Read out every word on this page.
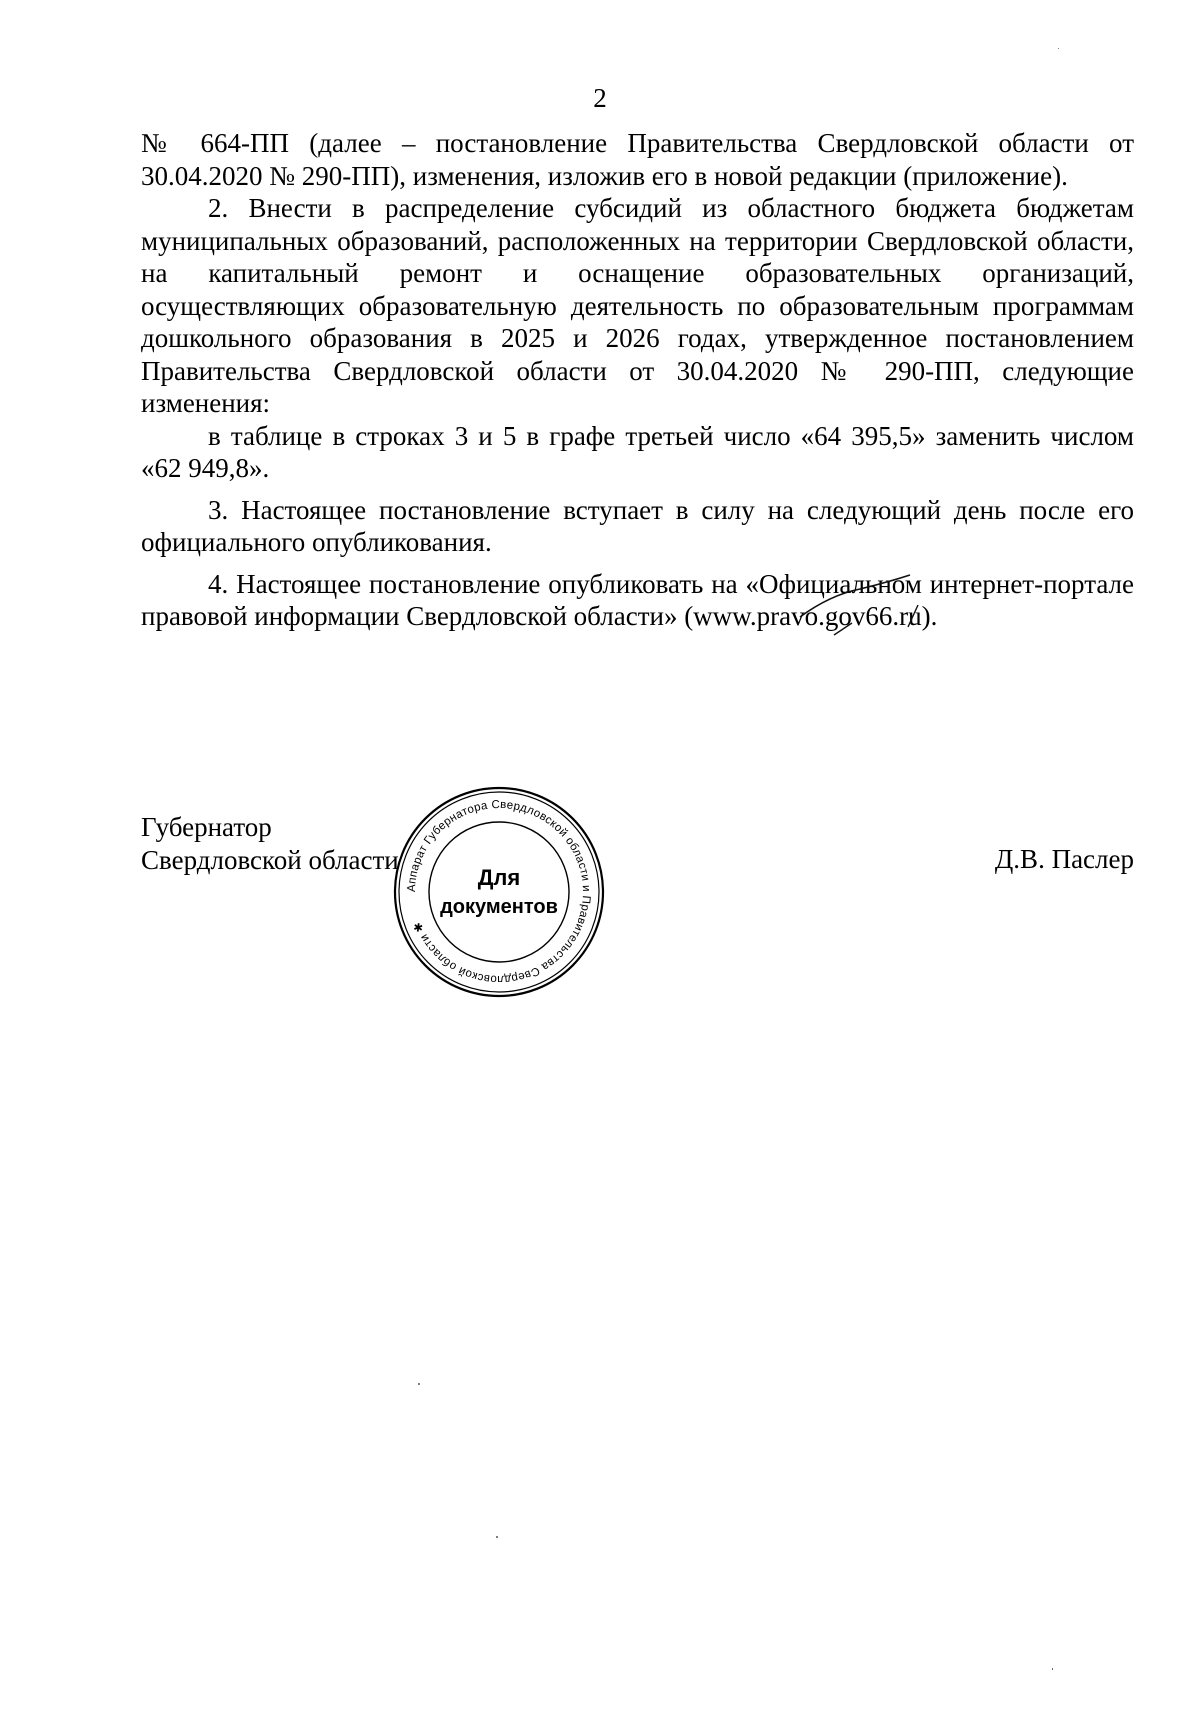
2

№ 664-ПП (далее – постановление Правительства Свердловской области от 30.04.2020 № 290-ПП), изменения, изложив его в новой редакции (приложение).

2. Внести в распределение субсидий из областного бюджета бюджетам муниципальных образований, расположенных на территории Свердловской области, на капитальный ремонт и оснащение образовательных организаций, осуществляющих образовательную деятельность по образовательным программам дошкольного образования в 2025 и 2026 годах, утвержденное постановлением Правительства Свердловской области от 30.04.2020 № 290-ПП, следующие изменения:

в таблице в строках 3 и 5 в графе третьей число «64 395,5» заменить числом «62 949,8».

3. Настоящее постановление вступает в силу на следующий день после его официального опубликования.

4. Настоящее постановление опубликовать на «Официальном интернет-портале правовой информации Свердловской области» (www.pravo.gov66.ru).

Губернатор
Свердловской области	Д.В. Паслер
Аппарат Губернатора Свердловской области и Правительства Свердловской области ✱
Для
документов
